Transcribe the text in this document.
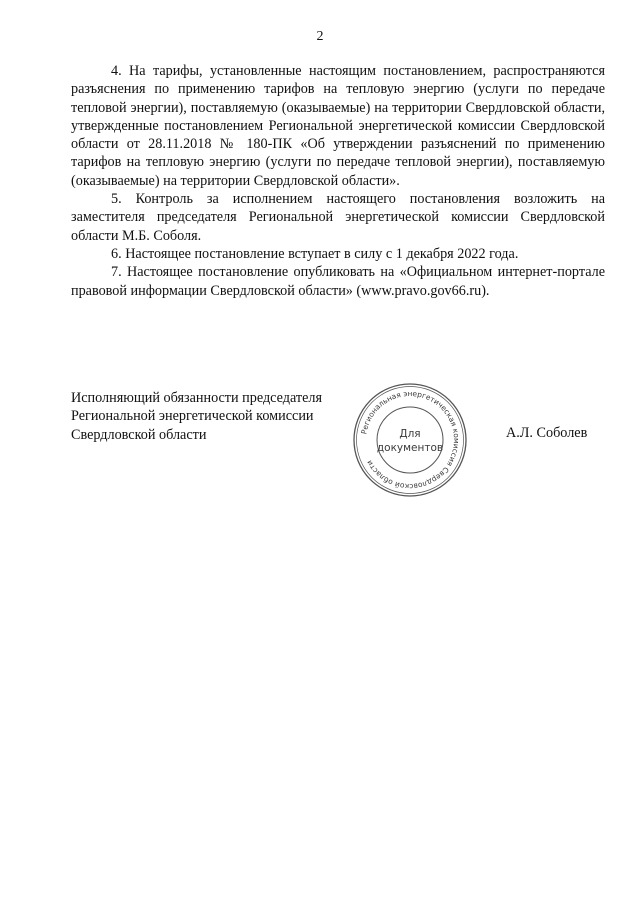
2

4. На тарифы, установленные настоящим постановлением, распространяются разъяснения по применению тарифов на тепловую энергию (услуги по передаче тепловой энергии), поставляемую (оказываемые) на территории Свердловской области, утвержденные постановлением Региональной энергетической комиссии Свердловской области от 28.11.2018 № 180-ПК «Об утверждении разъяснений по применению тарифов на тепловую энергию (услуги по передаче тепловой энергии), поставляемую (оказываемые) на территории Свердловской области».

5. Контроль за исполнением настоящего постановления возложить на заместителя председателя Региональной энергетической комиссии Свердловской области М.Б. Соболя.

6. Настоящее постановление вступает в силу с 1 декабря 2022 года.

7. Настоящее постановление опубликовать на «Официальном интернет-портале правовой информации Свердловской области» (www.pravo.gov66.ru).

Исполняющий обязанности председателя
Региональной энергетической комиссии
Свердловской области	Региональная энергетическая комиссия Свердловской области
Для
документов
А.Л. Соболев
